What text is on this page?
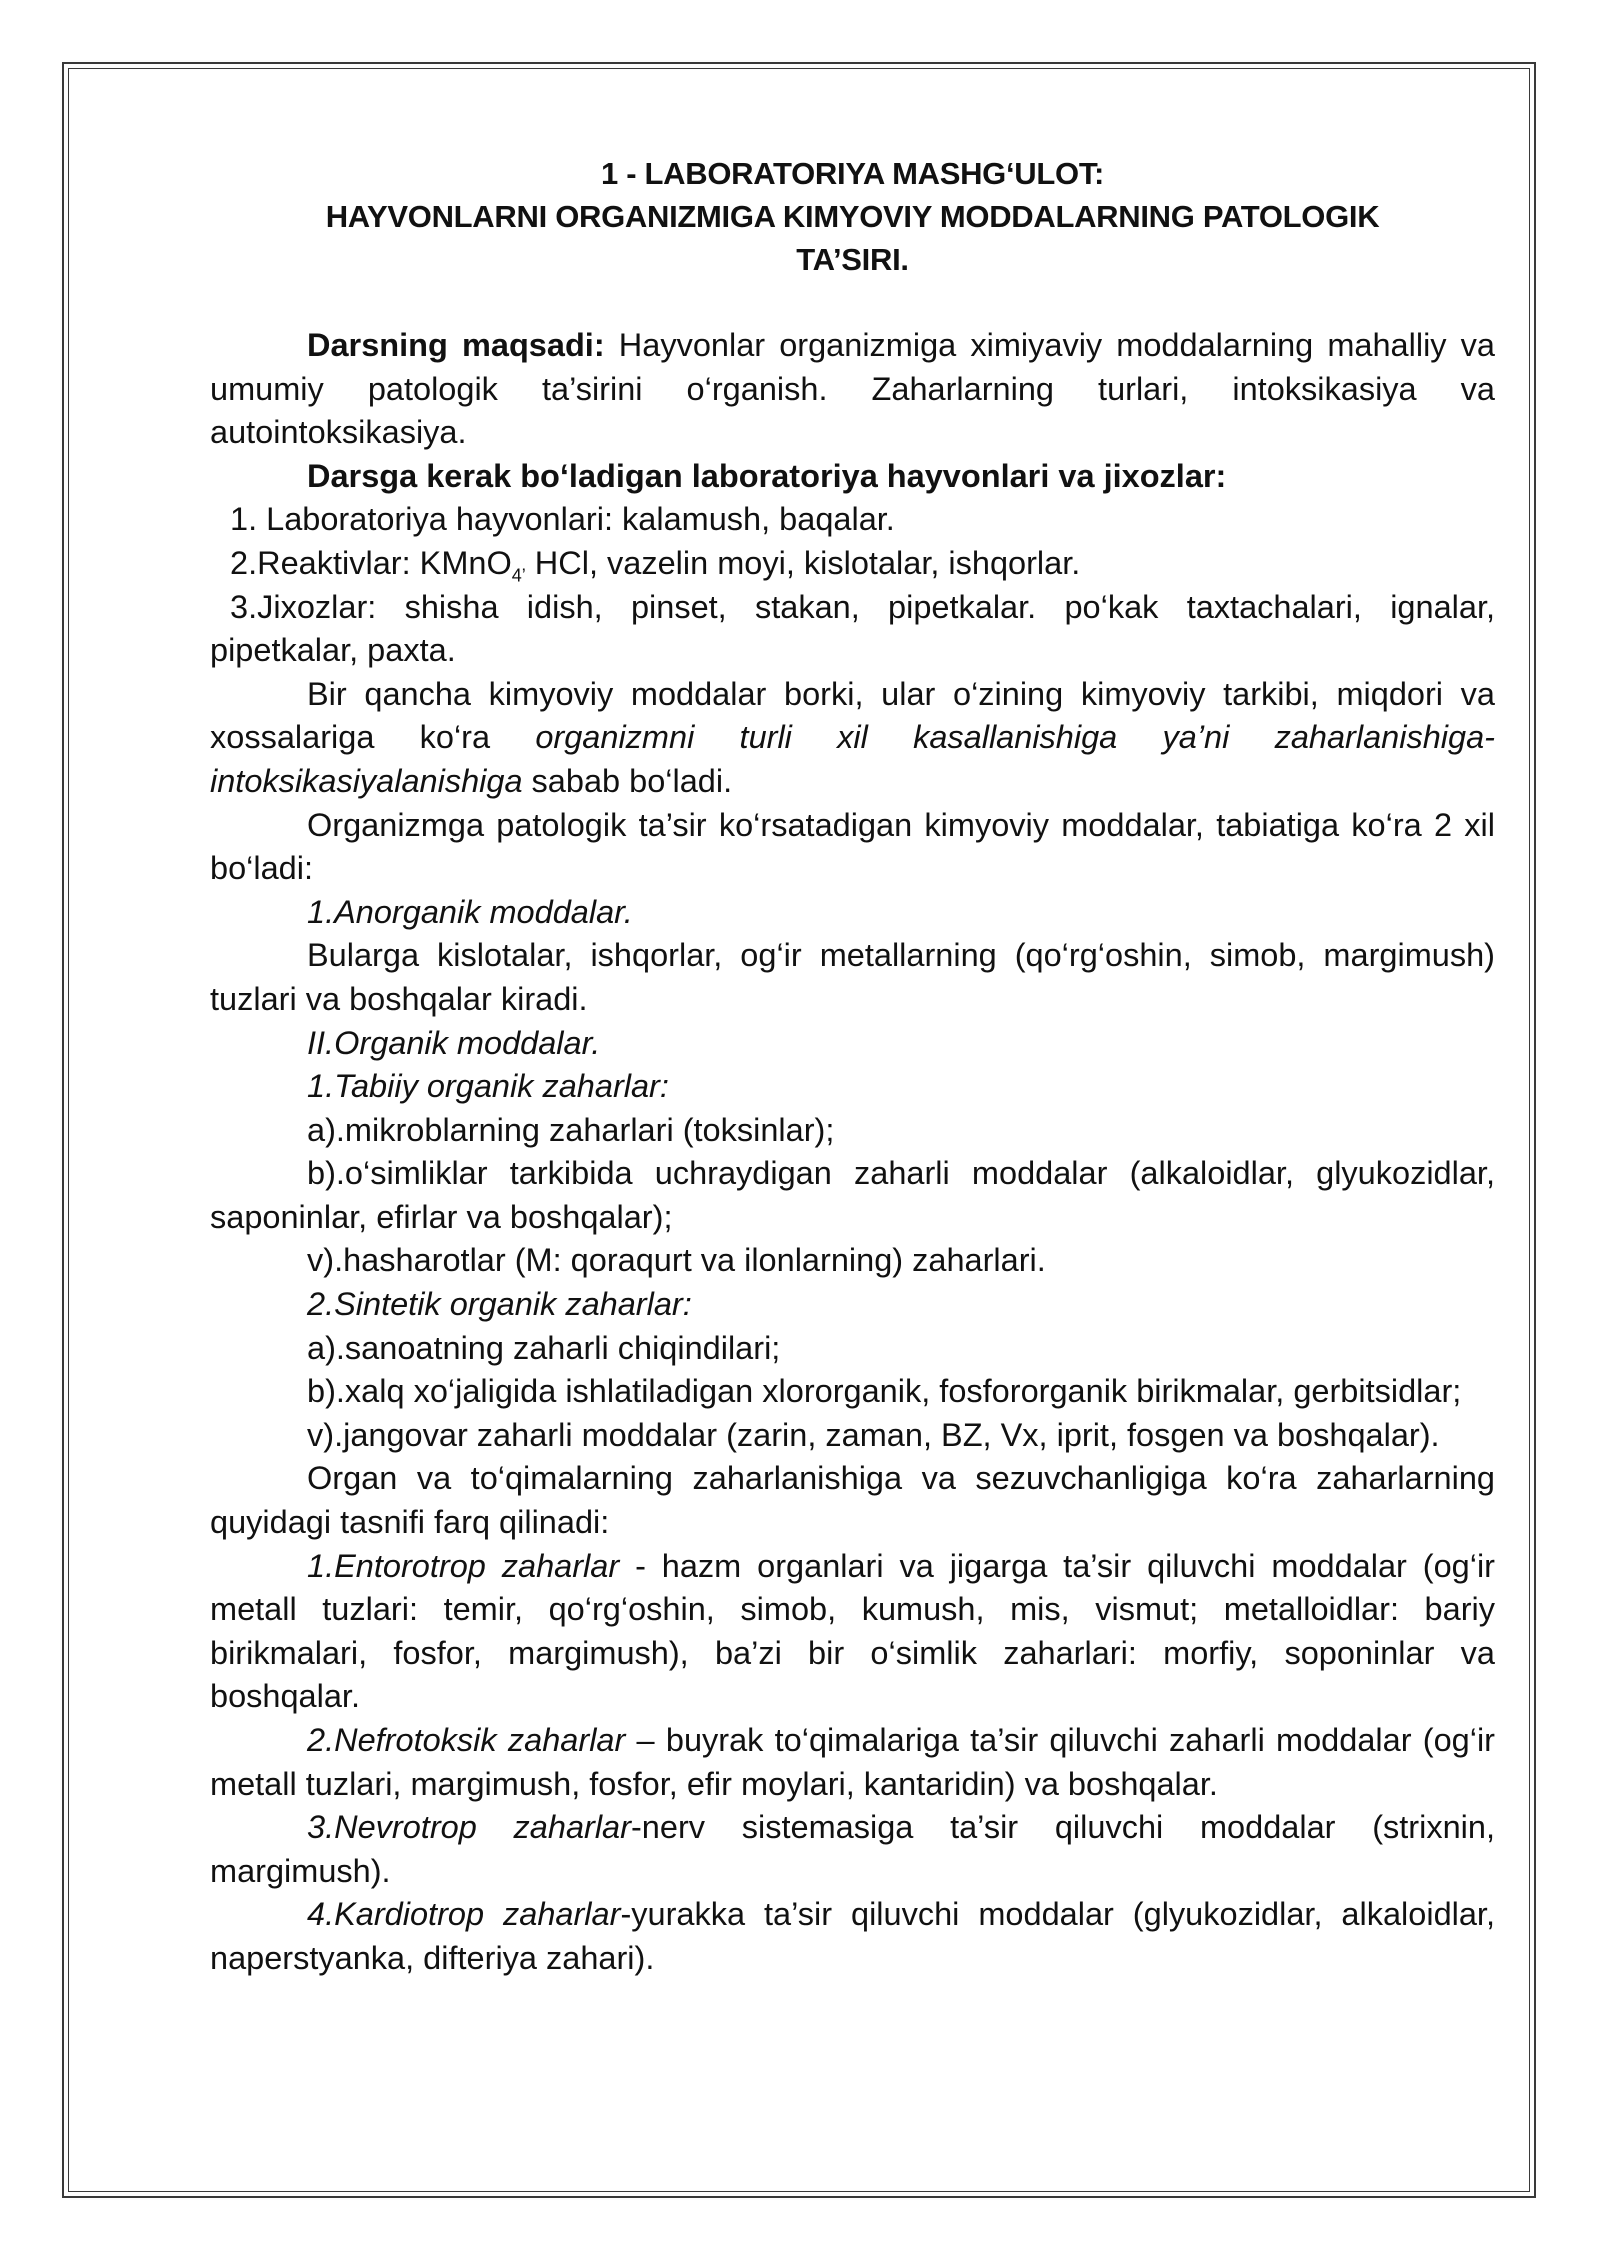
1 - LABORATORIYA MASHG‘ULOT:
HAYVONLARNI ORGANIZMIGA KIMYOVIY MODDALARNING PATOLOGIK
TA’SIRI.

Darsning maqsadi: Hayvonlar organizmiga ximiyaviy moddalarning mahalliy va umumiy patologik ta’sirini o‘rganish. Zaharlarning turlari, intoksikasiya va autointoksikasiya.

Darsga kerak bo‘ladigan laboratoriya hayvonlari va jixozlar:

1. Laboratoriya hayvonlari: kalamush, baqalar.

2.Reaktivlar: KMnO$_{4’}$ HCl, vazelin moyi, kislotalar, ishqorlar.

3.Jixozlar: shisha idish, pinset, stakan, pipetkalar. po‘kak taxtachalari, ignalar, pipetkalar, paxta.

Bir qancha kimyoviy moddalar borki, ular o‘zining kimyoviy tarkibi, miqdori va xossalariga ko‘ra organizmni turli xil kasallanishiga ya’ni zaharlanishiga-intoksikasiyalanishiga sabab bo‘ladi.

Organizmga patologik ta’sir ko‘rsatadigan kimyoviy moddalar, tabiatiga ko‘ra 2 xil bo‘ladi:

1.Anorganik moddalar.

Bularga kislotalar, ishqorlar, og‘ir metallarning (qo‘rg‘oshin, simob, margimush) tuzlari va boshqalar kiradi.

II.Organik moddalar.

1.Tabiiy organik zaharlar:

a).mikroblarning zaharlari (toksinlar);

b).o‘simliklar tarkibida uchraydigan zaharli moddalar (alkaloidlar, glyukozidlar, saponinlar, efirlar va boshqalar);

v).hasharotlar (M: qoraqurt va ilonlarning) zaharlari.

2.Sintetik organik zaharlar:

a).sanoatning zaharli chiqindilari;

b).xalq xo‘jaligida ishlatiladigan xlororganik, fosfororganik birikmalar, gerbitsidlar;

v).jangovar zaharli moddalar (zarin, zaman, BZ, Vx, iprit, fosgen va boshqalar).

Organ va to‘qimalarning zaharlanishiga va sezuvchanligiga ko‘ra zaharlarning quyidagi tasnifi farq qilinadi:

1.Entorotrop zaharlar - hazm organlari va jigarga ta’sir qiluvchi moddalar (og‘ir metall tuzlari: temir, qo‘rg‘oshin, simob, kumush, mis, vismut; metalloidlar: bariy birikmalari, fosfor, margimush), ba’zi bir o‘simlik zaharlari: morfiy, soponinlar va boshqalar.

2.Nefrotoksik zaharlar – buyrak to‘qimalariga ta’sir qiluvchi zaharli moddalar (og‘ir metall tuzlari, margimush, fosfor, efir moylari, kantaridin) va boshqalar.

3.Nevrotrop zaharlar-nerv sistemasiga ta’sir qiluvchi moddalar (strixnin, margimush).

4.Kardiotrop zaharlar-yurakka ta’sir qiluvchi moddalar (glyukozidlar, alkaloidlar, naperstyanka, difteriya zahari).
